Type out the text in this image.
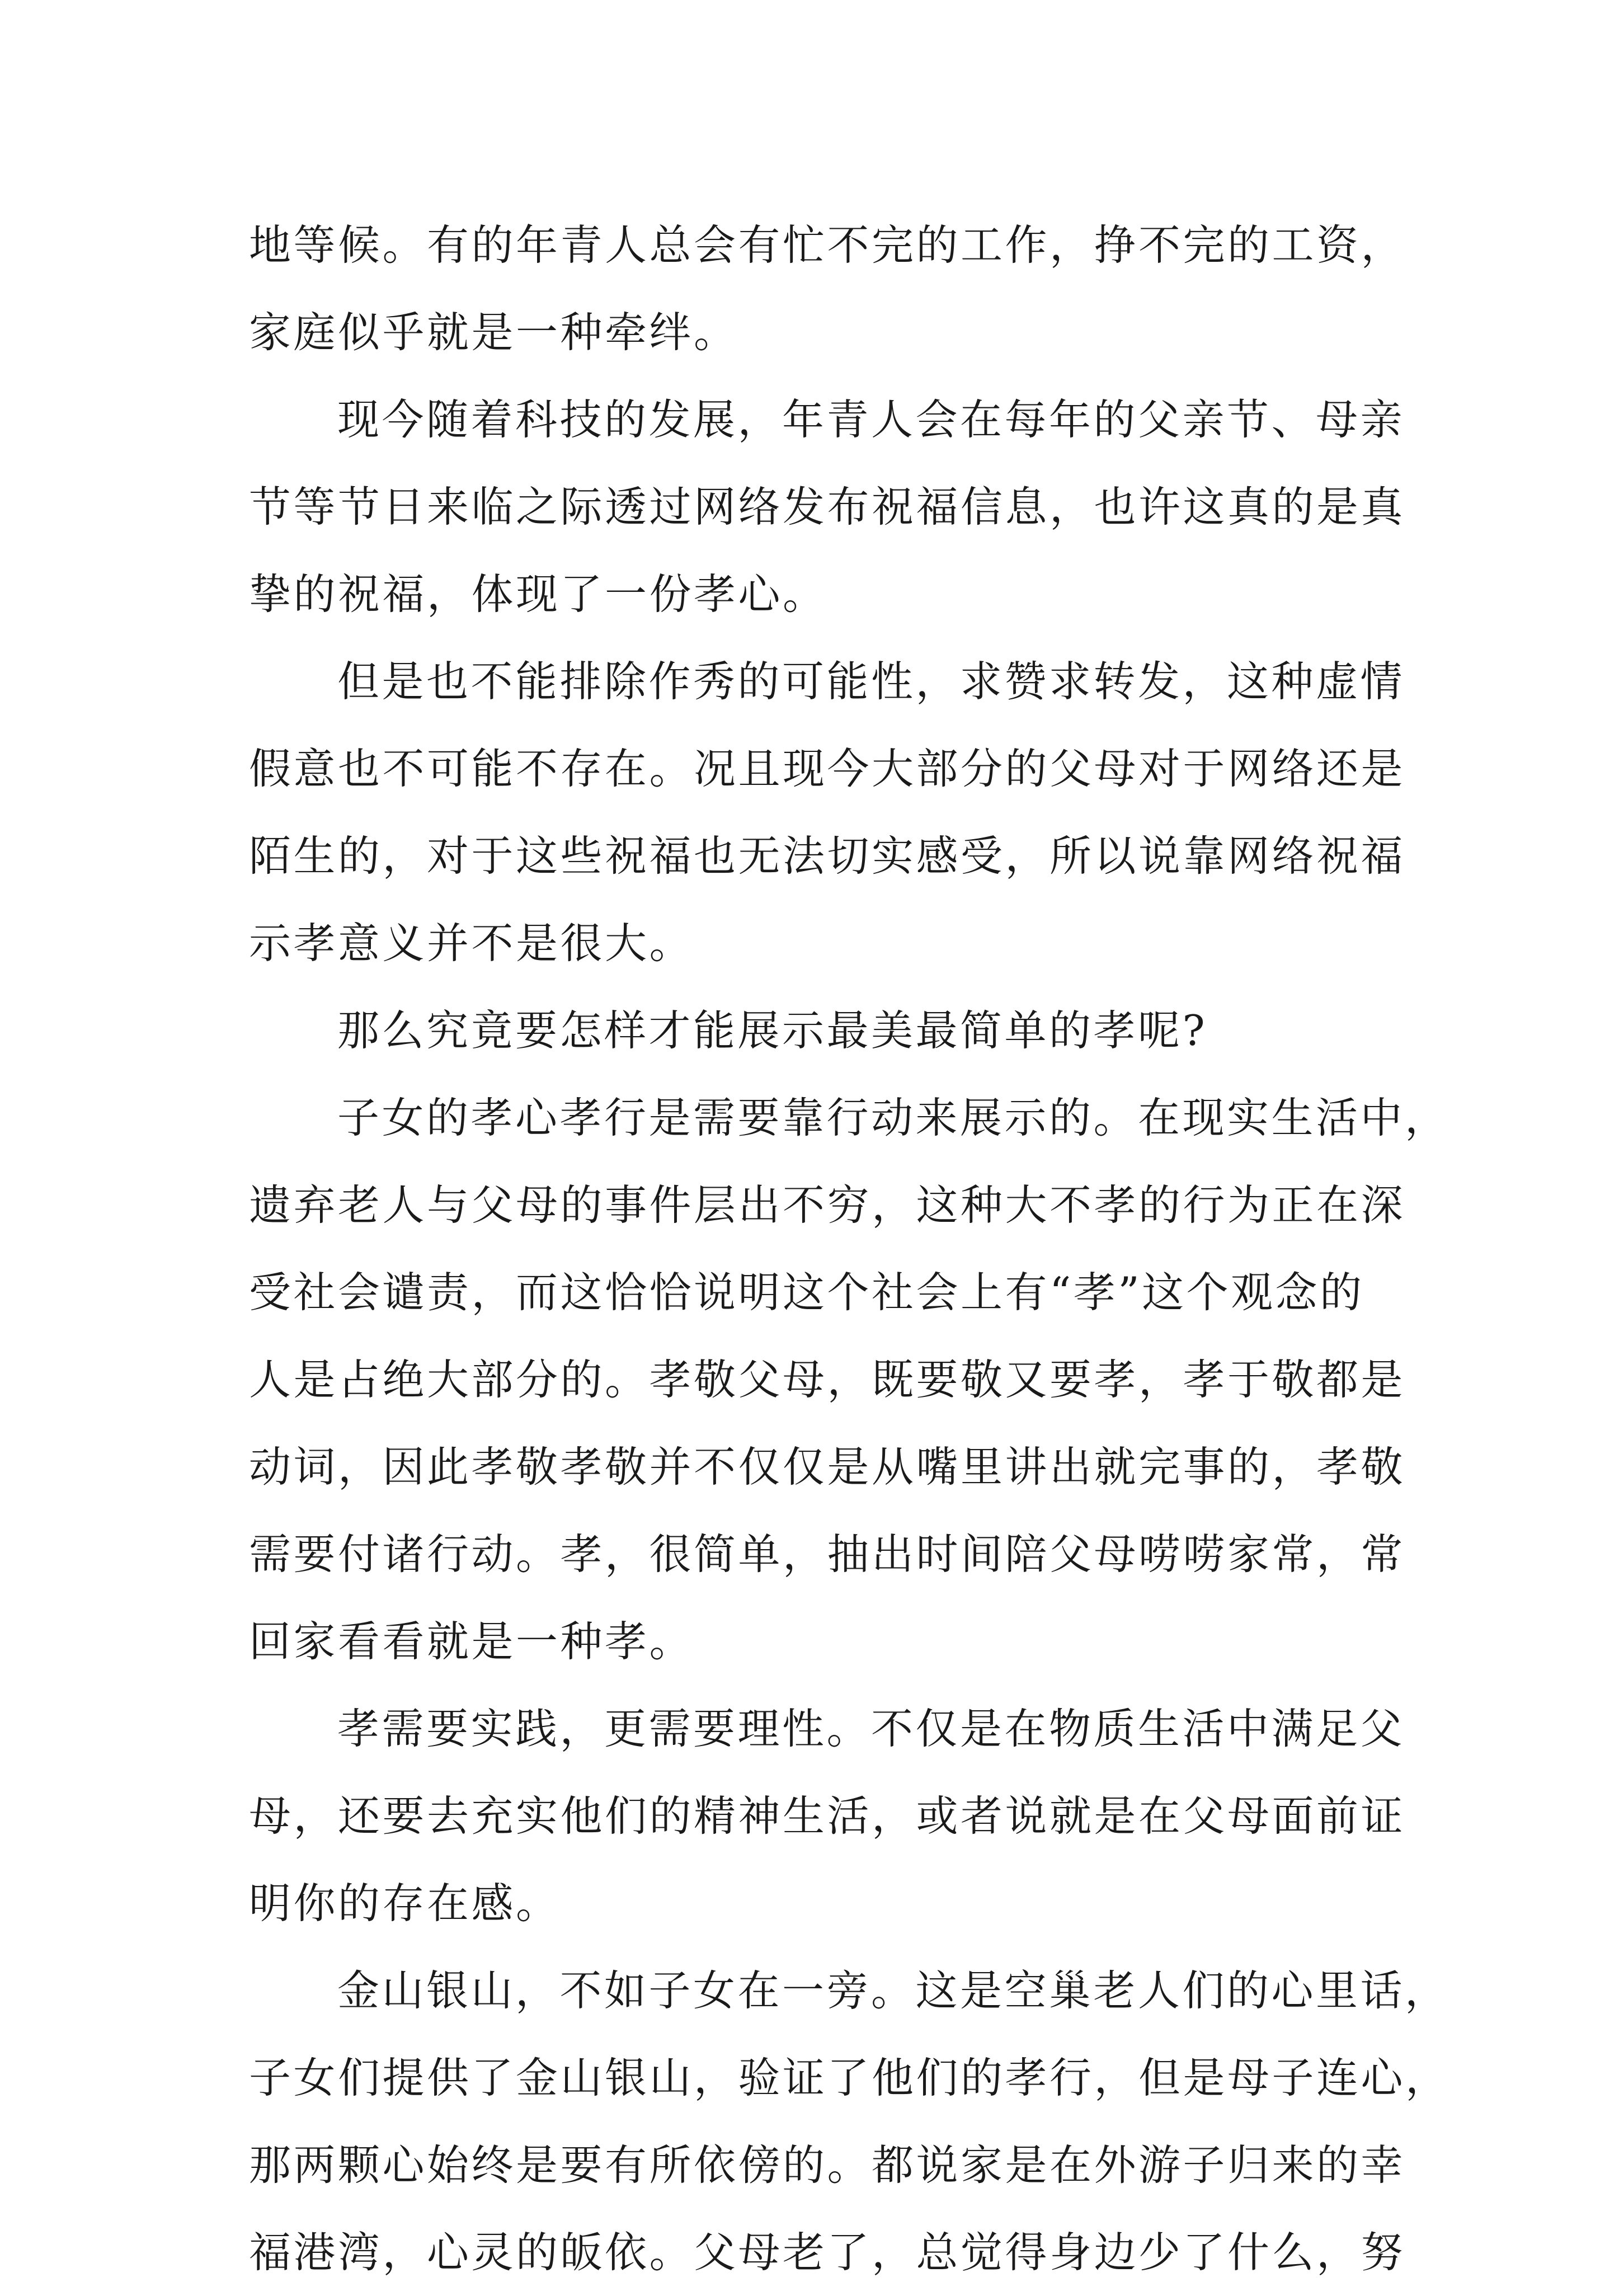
地等候。有的年青人总会有忙不完的工作，挣不完的工资，
家庭似乎就是一种牵绊。
现今随着科技的发展，年青人会在每年的父亲节、母亲
节等节日来临之际透过网络发布祝福信息，也许这真的是真
挚的祝福，体现了一份孝心。
但是也不能排除作秀的可能性，求赞求转发，这种虚情
假意也不可能不存在。况且现今大部分的父母对于网络还是
陌生的，对于这些祝福也无法切实感受，所以说靠网络祝福
示孝意义并不是很大。
那么究竟要怎样才能展示最美最简单的孝呢?
子女的孝心孝行是需要靠行动来展示的。在现实生活中，
遗弃老人与父母的事件层出不穷，这种大不孝的行为正在深
受社会谴责，而这恰恰说明这个社会上有“孝”这个观念的
人是占绝大部分的。孝敬父母，既要敬又要孝，孝于敬都是
动词，因此孝敬孝敬并不仅仅是从嘴里讲出就完事的，孝敬
需要付诸行动。孝，很简单，抽出时间陪父母唠唠家常，常
回家看看就是一种孝。
孝需要实践，更需要理性。不仅是在物质生活中满足父
母，还要去充实他们的精神生活，或者说就是在父母面前证
明你的存在感。
金山银山，不如子女在一旁。这是空巢老人们的心里话，
子女们提供了金山银山，验证了他们的孝行，但是母子连心，
那两颗心始终是要有所依傍的。都说家是在外游子归来的幸
福港湾，心灵的皈依。父母老了，总觉得身边少了什么，努
